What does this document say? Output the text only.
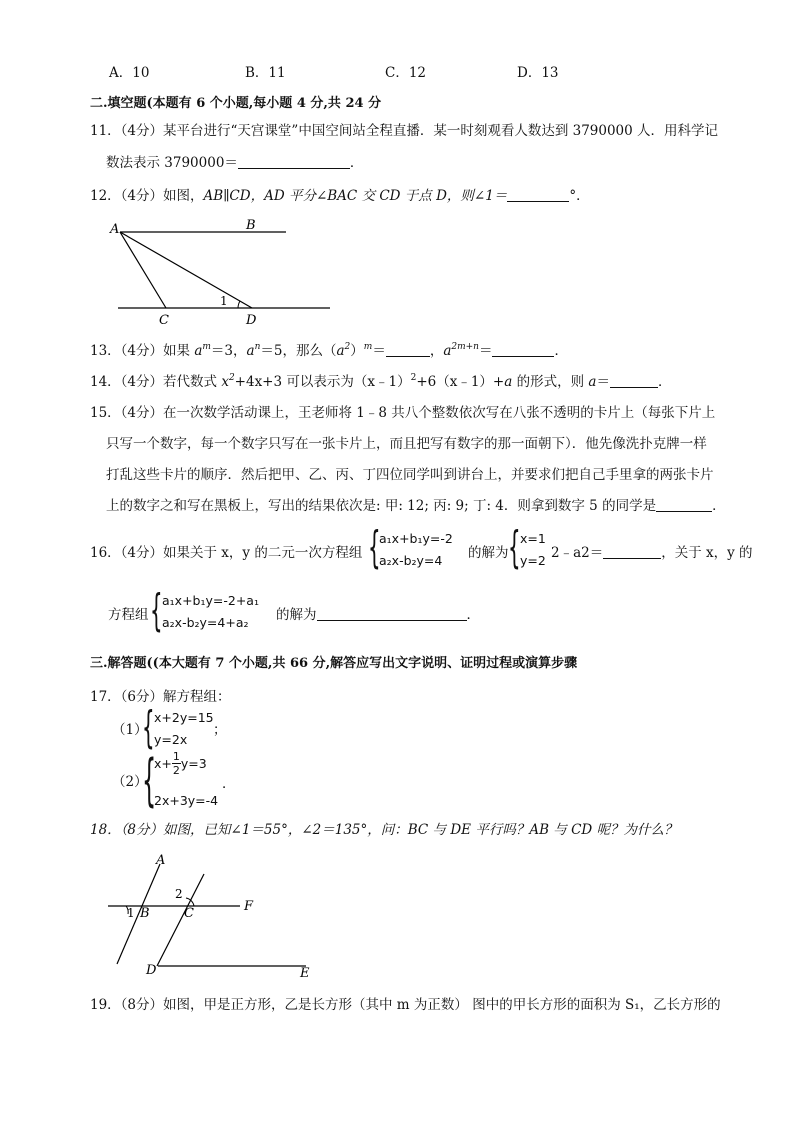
A．10	B．11	C．12	D．13
二.填空题(本题有 6 个小题,每小题 4 分,共 24 分
11．（4分）某平台进行“天宫课堂”中国空间站全程直播．某一时刻观看人数达到 3790000 人．用科学记
数法表示 3790000＝	．
12．（4分）如图，AB∥CD，AD 平分∠BAC 交 CD 于点 D，则∠1＝	°．
A	B
C	D
1
13．（4分）如果 $a^m=3$，$a^n=5$，那么$(a^2)^m=$	，$a^{2m+n}=$	．
14．（4分）若代数式 $x^2+4x+3$ 可以表示为（x﹣1）$^2$+6（x﹣1）+a 的形式，则 a＝	．
15．（4分）在一次数学活动课上，王老师将 1﹣8 共八个整数依次写在八张不透明的卡片上（每张下片上
只写一个数字，每一个数字只写在一张卡片上，而且把写有数字的那一面朝下）．他先像洗扑克牌一样
打乱这些卡片的顺序．然后把甲、乙、丙、丁四位同学叫到讲台上，并要求们把自己手里拿的两张卡片
上的数字之和写在黑板上，写出的结果依次是: 甲: 12; 丙: 9; 丁: 4．则拿到数字 5 的同学是	．
16．（4分）如果关于 x，y 的二元一次方程组 {
a₁x+b₁y=-2
a₂x-b₂y=4	的解为 { x=1
y=2 2﹣a2＝	，关于 x，y 的
方程组 { a₁x+b₁y=-2+a₁
a₂x-b₂y=4+a₂	的解为	．
三.解答题((本大题有 7 个小题,共 66 分,解答应写出文字说明、证明过程或演算步骤
17．（6分）解方程组：
（1）
{ x+2y=15
y=2x
；
（2）
{
$x+ \frac{1}{2} y=3$
2x+3y=-4
．
18．（8分）如图，已知∠1＝55°，∠2＝135°，问：BC 与 DE 平行吗？AB 与 CD 呢？为什么？
A
2
1 B	C	F
D	E
19．（8分）如图，甲是正方形，乙是长方形（其中 m 为正数） 图中的甲长方形的面积为 S₁，乙长方形的
